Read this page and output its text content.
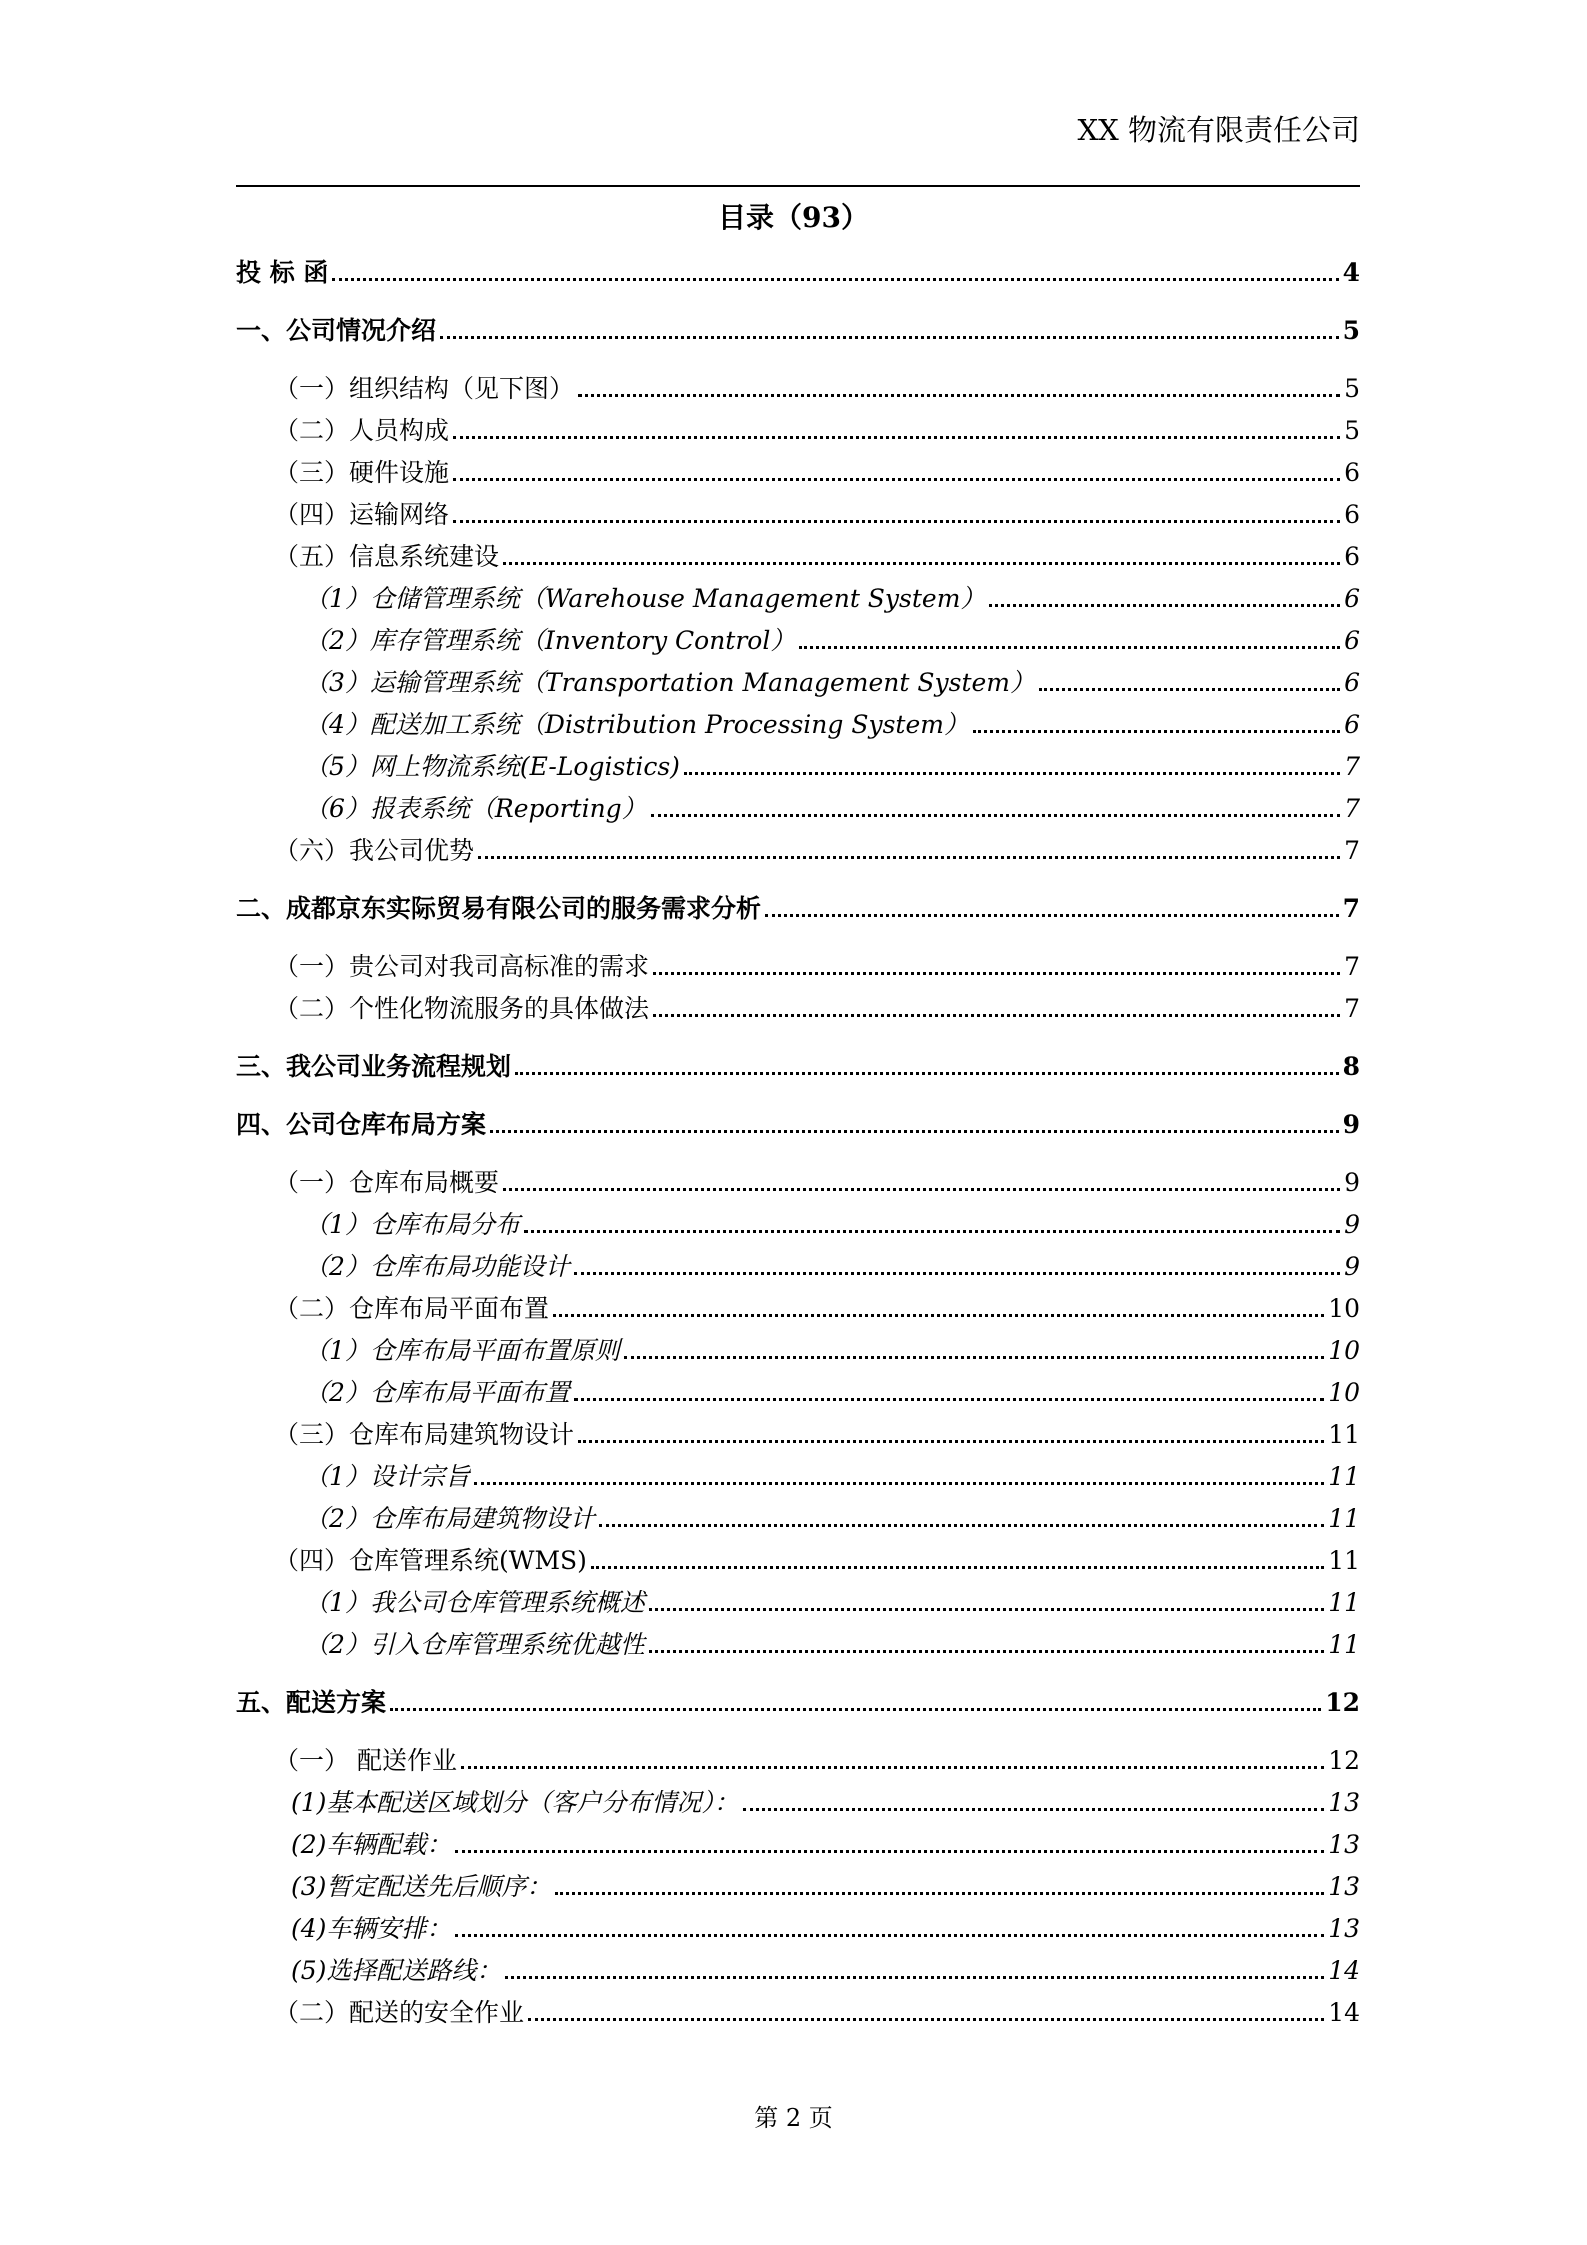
XX 物流有限责任公司
目录（93）
投 标 函	4
一、公司情况介绍	5
（一）组织结构（见下图）	5
（二）人员构成	5
（三）硬件设施	6
（四）运输网络	6
（五）信息系统建设	6
（1）仓储管理系统（Warehouse Management System）	6
（2）库存管理系统（Inventory Control）	6
（3）运输管理系统（Transportation Management System）	6
（4）配送加工系统（Distribution Processing System）	6
（5）网上物流系统(E-Logistics)	7
（6）报表系统（Reporting）	7
（六）我公司优势	7
二、成都京东实际贸易有限公司的服务需求分析	7
（一）贵公司对我司高标准的需求	7
（二）个性化物流服务的具体做法	7
三、我公司业务流程规划	8
四、公司仓库布局方案	9
（一）仓库布局概要	9
（1）仓库布局分布	9
（2）仓库布局功能设计	9
（二）仓库布局平面布置	10
（1）仓库布局平面布置原则	10
（2）仓库布局平面布置	10
（三）仓库布局建筑物设计	11
（1）设计宗旨	11
（2）仓库布局建筑物设计	11
（四）仓库管理系统(WMS)	11
（1）我公司仓库管理系统概述	11
（2）引入仓库管理系统优越性	11
五、配送方案	12
（一） 配送作业	12
(1)基本配送区域划分（客户分布情况）：	13
(2)车辆配载：	13
(3)暂定配送先后顺序：	13
(4)车辆安排：	13
(5)选择配送路线：	14
（二）配送的安全作业	14
第 2 页
